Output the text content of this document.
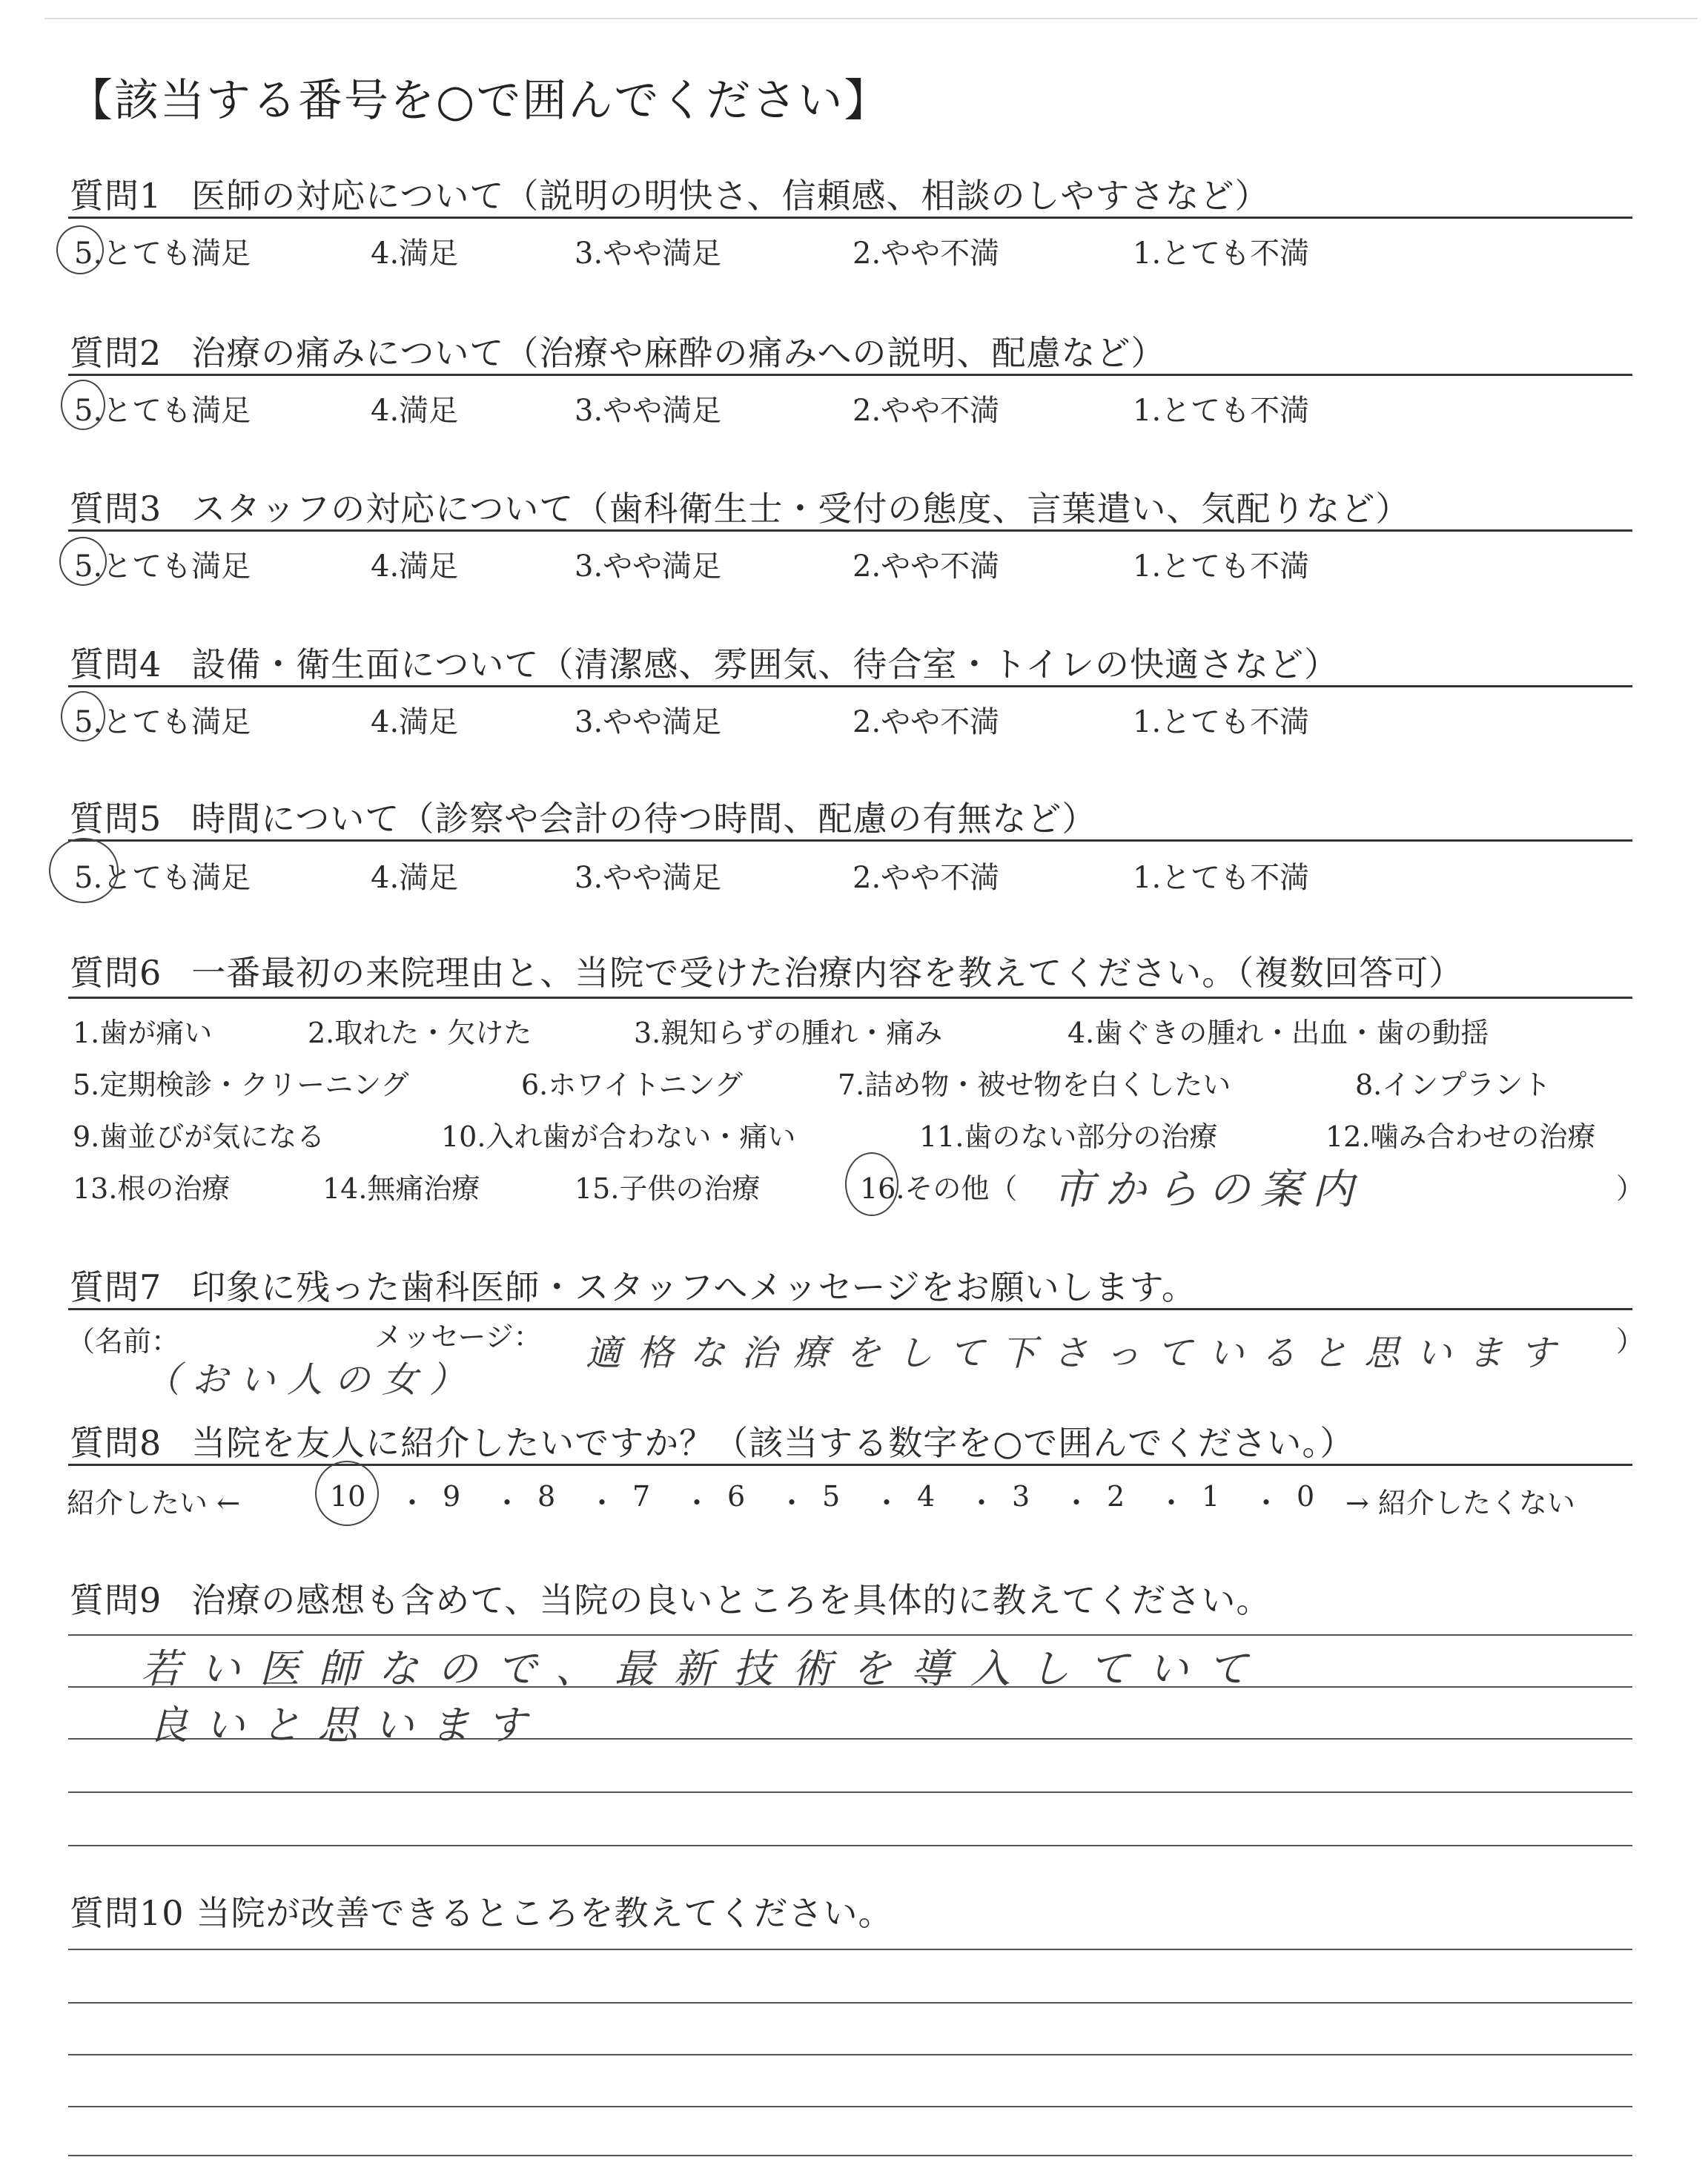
【該当する番号を○で囲んでください】
質問1 医師の対応について（説明の明快さ、信頼感、相談のしやすさなど）
5.とても満足	4.満足	3.やや満足	2.やや不満	1.とても不満
質問2 治療の痛みについて（治療や麻酔の痛みへの説明、配慮など）
5.とても満足	4.満足	3.やや満足	2.やや不満	1.とても不満
質問3 スタッフの対応について（歯科衛生士・受付の態度、言葉遣い、気配りなど）
5.とても満足	4.満足	3.やや満足	2.やや不満	1.とても不満
質問4 設備・衛生面について（清潔感、雰囲気、待合室・トイレの快適さなど）
5.とても満足	4.満足	3.やや満足	2.やや不満	1.とても不満
質問5 時間について（診察や会計の待つ時間、配慮の有無など）
5.とても満足	4.満足	3.やや満足	2.やや不満	1.とても不満
質問6 一番最初の来院理由と、当院で受けた治療内容を教えてください。（複数回答可）
1.歯が痛い	2.取れた・欠けた	3.親知らずの腫れ・痛み	4.歯ぐきの腫れ・出血・歯の動揺
5.定期検診・クリーニング	6.ホワイトニング	7.詰め物・被せ物を白くしたい	8.インプラント
9.歯並びが気になる	10.入れ歯が合わない・痛い	11.歯のない部分の治療	12.噛み合わせの治療
13.根の治療	14.無痛治療	15.子供の治療	16.その他（	）
市からの案内
質問7 印象に残った歯科医師・スタッフへメッセージをお願いします。
（名前：	メッセージ：	）
（おい人の女）
適格な治療をして下さっていると思います
質問8 当院を友人に紹介したいですか？（該当する数字を○で囲んでください。）
紹介したい ←	→ 紹介したくない
10 ・ 9 ・ 8 ・ 7 ・ 6 ・ 5 ・ 4 ・ 3 ・ 2 ・ 1 ・ 0
質問9 治療の感想も含めて、当院の良いところを具体的に教えてください。
若い医師なので、最新技術を導入していて
良いと思います
質問10 当院が改善できるところを教えてください。
